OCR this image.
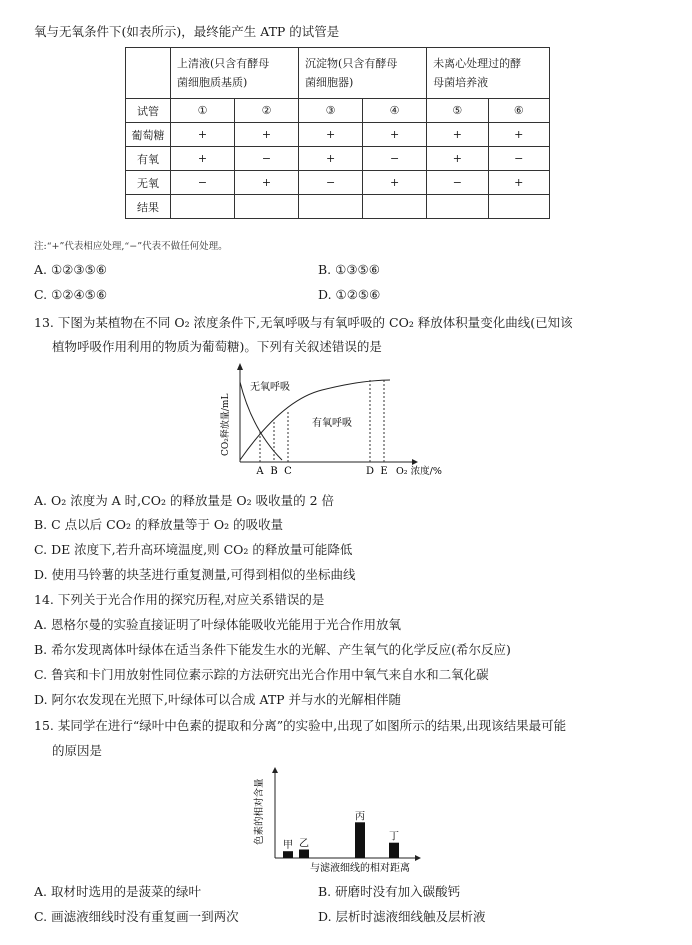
氧与无氧条件下(如表所示)，最终能产生 ATP 的试管是
	上清液(只含有酵母
菌细胞质基质)		沉淀物(只含有酵母
菌细胞器)		未离心处理过的酵
母菌培养液	
试管	①	②	③	④	⑤	⑥
葡萄糖	+	+	+	+	+	+
有氧	+	−	+	−	+	−
无氧	−	+	−	+	−	+
结果						
注:“+”代表相应处理,“−”代表不做任何处理。
A. ①②③⑤⑥	B. ①③⑤⑥
C. ①②④⑤⑥	D. ①②⑤⑥
13. 下图为某植物在不同 O₂ 浓度条件下,无氧呼吸与有氧呼吸的 CO₂ 释放体积量变化曲线(已知该
植物呼吸作用利用的物质为葡萄糖)。下列有关叙述错误的是
A B C	D E O₂ 浓度/%
CO₂释放量/mL
无氧呼吸
有氧呼吸
A. O₂ 浓度为 A 时,CO₂ 的释放量是 O₂ 吸收量的 2 倍
B. C 点以后 CO₂ 的释放量等于 O₂ 的吸收量
C. DE 浓度下,若升高环境温度,则 CO₂ 的释放量可能降低
D. 使用马铃薯的块茎进行重复测量,可得到相似的坐标曲线
14. 下列关于光合作用的探究历程,对应关系错误的是
A. 恩格尔曼的实验直接证明了叶绿体能吸收光能用于光合作用放氧
B. 希尔发现离体叶绿体在适当条件下能发生水的光解、产生氧气的化学反应(希尔反应)
C. 鲁宾和卡门用放射性同位素示踪的方法研究出光合作用中氧气来自水和二氧化碳
D. 阿尔农发现在光照下,叶绿体可以合成 ATP 并与水的光解相伴随
15. 某同学在进行“绿叶中色素的提取和分离”的实验中,出现了如图所示的结果,出现该结果最可能
的原因是
色素的相对含量
与滤液细线的相对距离
甲 乙
丙
丁
A. 取材时选用的是菠菜的绿叶	B. 研磨时没有加入碳酸钙
C. 画滤液细线时没有重复画一到两次	D. 层析时滤液细线触及层析液
